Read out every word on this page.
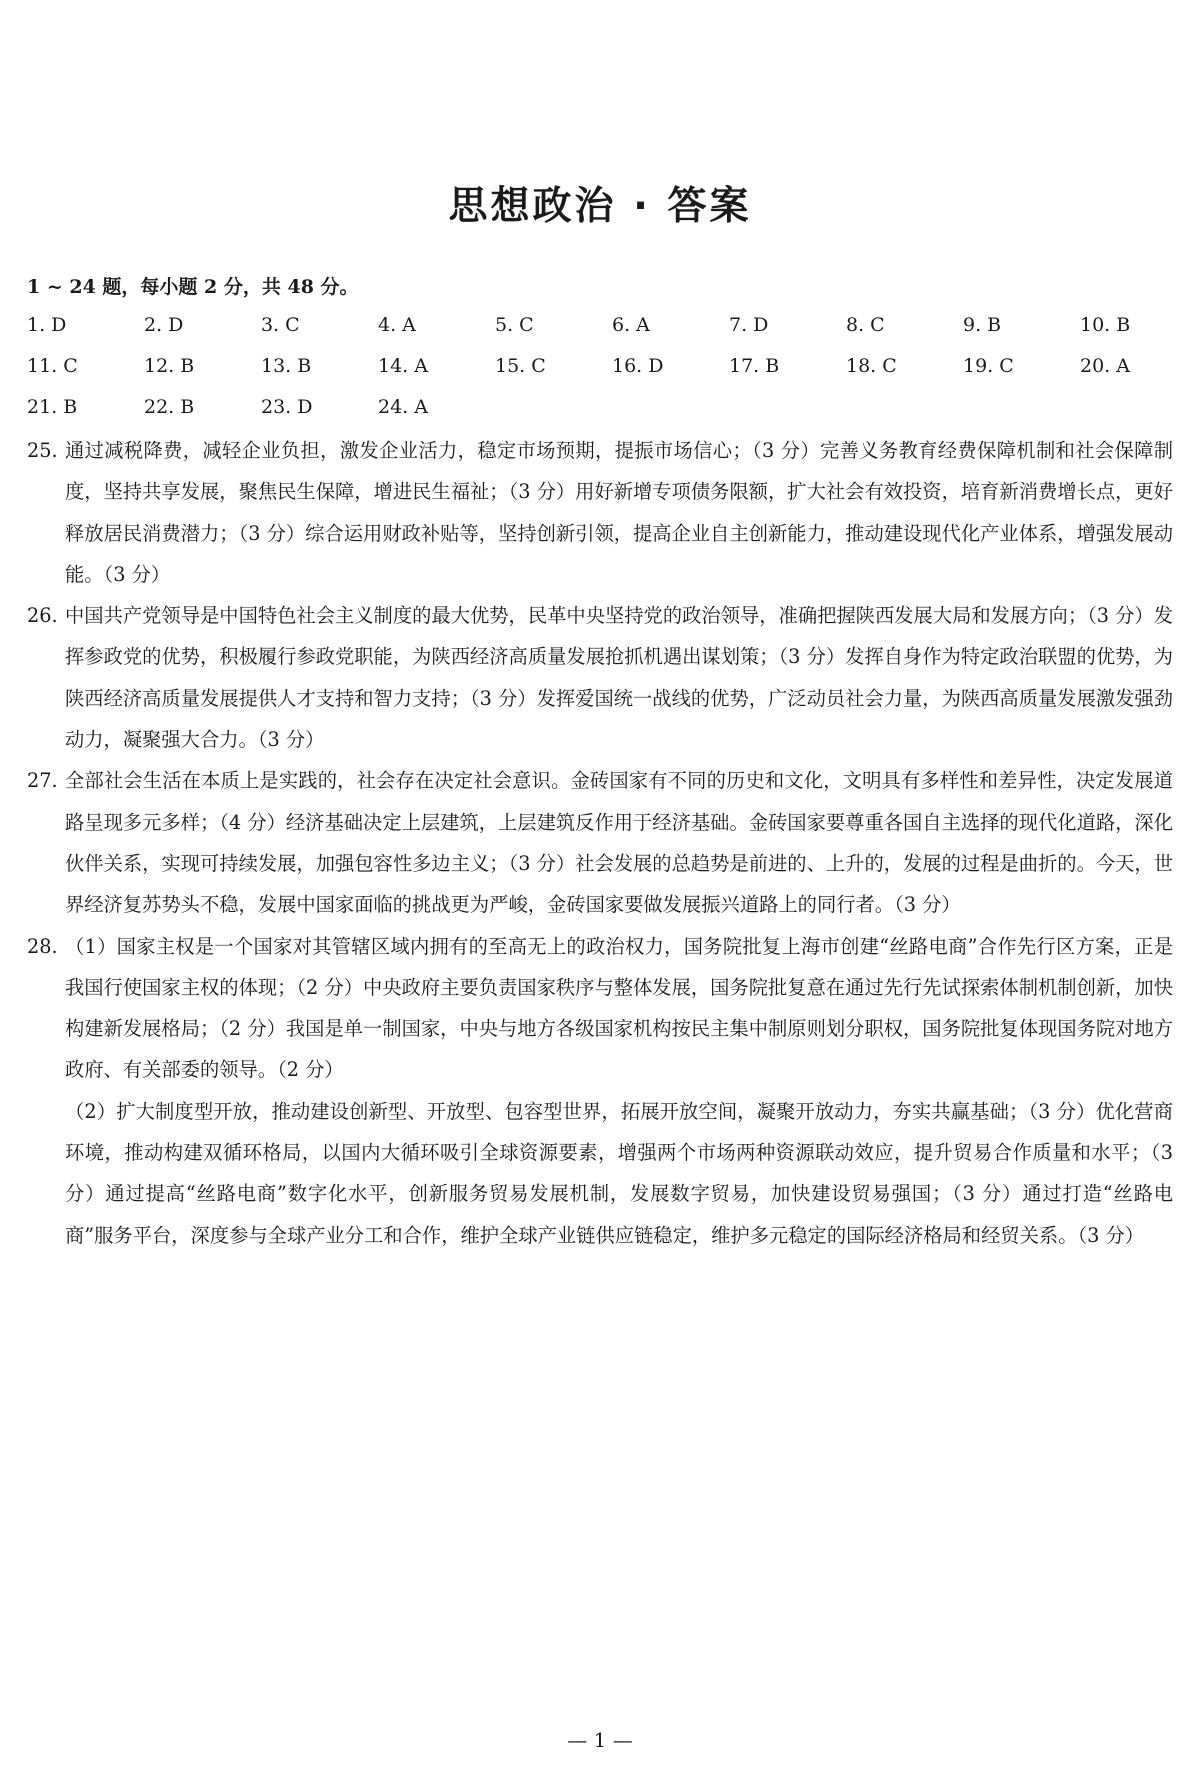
思想政治 · 答案
1 ~ 24 题，每小题 2 分，共 48 分。
1. D	2. D	3. C	4. A	5. C	6. A	7. D	8. C	9. B	10. B
11. C	12. B	13. B	14. A	15. C	16. D	17. B	18. C	19. C	20. A
21. B	22. B	23. D	24. A
25. 通过减税降费，减轻企业负担，激发企业活力，稳定市场预期，提振市场信心；（3 分）完善义务教育经费保障机制和社会保障制度，坚持共享发展，聚焦民生保障，增进民生福祉；（3 分）用好新增专项债务限额，扩大社会有效投资，培育新消费增长点，更好释放居民消费潜力；（3 分）综合运用财政补贴等，坚持创新引领，提高企业自主创新能力，推动建设现代化产业体系，增强发展动能。（3 分）
26. 中国共产党领导是中国特色社会主义制度的最大优势，民革中央坚持党的政治领导，准确把握陕西发展大局和发展方向；（3 分）发挥参政党的优势，积极履行参政党职能，为陕西经济高质量发展抢抓机遇出谋划策；（3 分）发挥自身作为特定政治联盟的优势，为陕西经济高质量发展提供人才支持和智力支持；（3 分）发挥爱国统一战线的优势，广泛动员社会力量，为陕西高质量发展激发强劲动力，凝聚强大合力。（3 分）
27. 全部社会生活在本质上是实践的，社会存在决定社会意识。金砖国家有不同的历史和文化，文明具有多样性和差异性，决定发展道路呈现多元多样；（4 分）经济基础决定上层建筑，上层建筑反作用于经济基础。金砖国家要尊重各国自主选择的现代化道路，深化伙伴关系，实现可持续发展，加强包容性多边主义；（3 分）社会发展的总趋势是前进的、上升的，发展的过程是曲折的。今天，世界经济复苏势头不稳，发展中国家面临的挑战更为严峻，金砖国家要做发展振兴道路上的同行者。（3 分）
28. （1）国家主权是一个国家对其管辖区域内拥有的至高无上的政治权力，国务院批复上海市创建“丝路电商”合作先行区方案，正是我国行使国家主权的体现；（2 分）中央政府主要负责国家秩序与整体发展，国务院批复意在通过先行先试探索体制机制创新，加快构建新发展格局；（2 分）我国是单一制国家，中央与地方各级国家机构按民主集中制原则划分职权，国务院批复体现国务院对地方政府、有关部委的领导。（2 分）
（2）扩大制度型开放，推动建设创新型、开放型、包容型世界，拓展开放空间，凝聚开放动力，夯实共赢基础；（3 分）优化营商环境，推动构建双循环格局，以国内大循环吸引全球资源要素，增强两个市场两种资源联动效应，提升贸易合作质量和水平；（3 分）通过提高“丝路电商”数字化水平，创新服务贸易发展机制，发展数字贸易，加快建设贸易强国；（3 分）通过打造“丝路电商”服务平台，深度参与全球产业分工和合作，维护全球产业链供应链稳定，维护多元稳定的国际经济格局和经贸关系。（3 分）
— 1 —
